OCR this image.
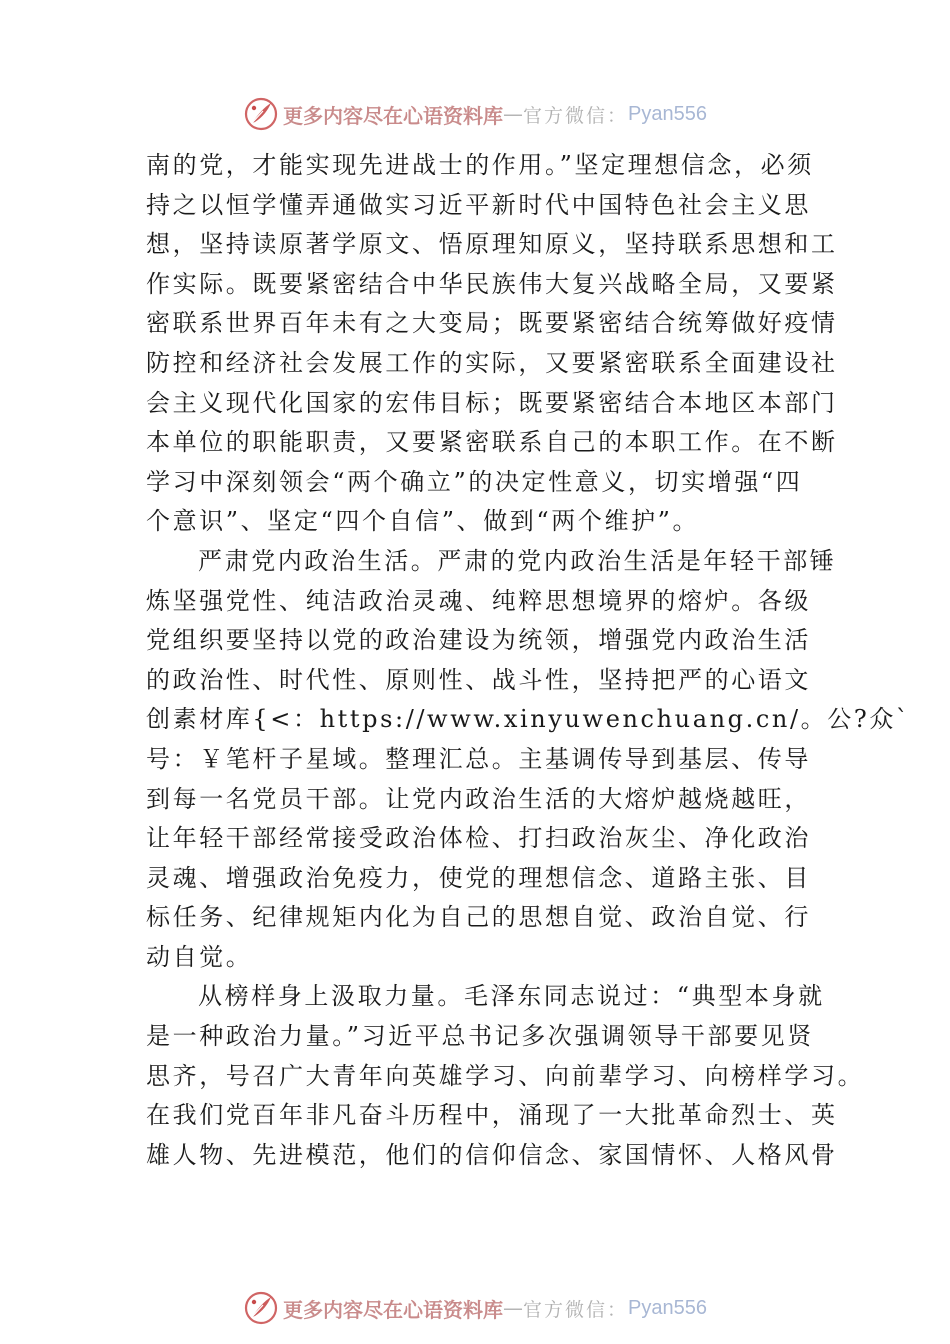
更多内容尽在心语资料库 — 官方微信： Pyan556

南的党，才能实现先进战士的作用。”坚定理想信念，必须
持之以恒学懂弄通做实习近平新时代中国特色社会主义思
想，坚持读原著学原文、悟原理知原义，坚持联系思想和工
作实际。既要紧密结合中华民族伟大复兴战略全局，又要紧
密联系世界百年未有之大变局；既要紧密结合统筹做好疫情
防控和经济社会发展工作的实际，又要紧密联系全面建设社
会主义现代化国家的宏伟目标；既要紧密结合本地区本部门
本单位的职能职责，又要紧密联系自己的本职工作。在不断
学习中深刻领会“两个确立”的决定性意义，切实增强“四
个意识”、坚定“四个自信”、做到“两个维护”。

严肃党内政治生活。严肃的党内政治生活是年轻干部锤
炼坚强党性、纯洁政治灵魂、纯粹思想境界的熔炉。各级
党组织要坚持以党的政治建设为统领，增强党内政治生活
的政治性、时代性、原则性、战斗性，坚持把严的心语文
创素材库{<：https://www.xinyuwenchuang.cn/。公?众`
号：￥笔杆子星域。整理汇总。主基调传导到基层、传导
到每一名党员干部。让党内政治生活的大熔炉越烧越旺，
让年轻干部经常接受政治体检、打扫政治灰尘、净化政治
灵魂、增强政治免疫力，使党的理想信念、道路主张、目
标任务、纪律规矩内化为自己的思想自觉、政治自觉、行
动自觉。

从榜样身上汲取力量。毛泽东同志说过：“典型本身就
是一种政治力量。”习近平总书记多次强调领导干部要见贤
思齐，号召广大青年向英雄学习、向前辈学习、向榜样学习。
在我们党百年非凡奋斗历程中，涌现了一大批革命烈士、英
雄人物、先进模范，他们的信仰信念、家国情怀、人格风骨

更多内容尽在心语资料库 — 官方微信： Pyan556
